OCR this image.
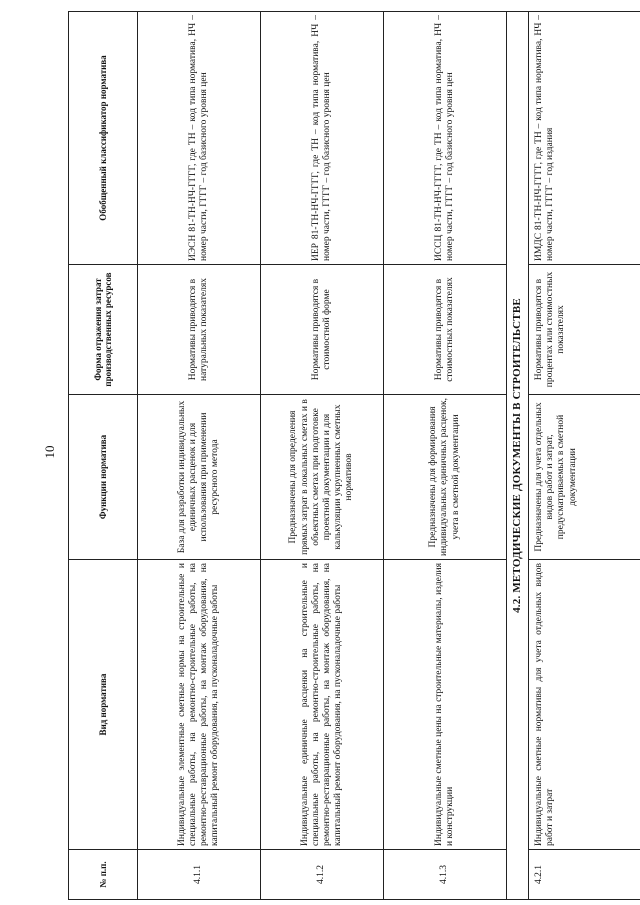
10
№ п.п.	Вид норматива	Функции норматива	Форма отражения затрат производственных ресурсов	Обобщенный классификатор норматива
4.1.1	Индивидуальные элементные сметные нормы на строительные и специальные работы, на ремонтно-строительные работы, на ремонтно-реставрационные работы, на монтаж оборудования, на капитальный ремонт оборудования, на пусконаладочные работы	База для разработки индивидуальных единичных расценок и для использования при применении ресурсного метода	Нормативы приводятся в натуральных показателях	ИЭСН 81-ТН-НЧ-ГГГГ, где ТН – код типа норматива, НЧ – номер части, ГГГГ – год базисного уровня цен
4.1.2	Индивидуальные единичные расценки на строительные и специальные работы, на ремонтно-строительные работы, на ремонтно-реставрационные работы, на монтаж оборудования, на капитальный ремонт оборудования, на пусконаладочные работы	Предназначены для определения прямых затрат в локальных сметах и в объектных сметах при подготовке проектной документации и для калькуляции укрупненных сметных нормативов	Нормативы приводятся в стоимостной форме	ИЕР 81-ТН-НЧ-ГГГГ, где ТН – код типа норматива, НЧ – номер части, ГГГГ – год базисного уровня цен
4.1.3	Индивидуальные сметные цены на строительные материалы, изделия и конструкции	Предназначены для формирования индивидуальных единичных расценок, учета в сметной документации	Нормативы приводятся в стоимостных показателях	ИССЦ 81-ТН-НЧ-ГГГГ, где ТН – код типа норматива, НЧ – номер части, ГГГГ – год базисного уровня цен
4.2. МЕТОДИЧЕСКИЕ ДОКУМЕНТЫ В СТРОИТЕЛЬСТВЕ				
4.2.1	Индивидуальные сметные нормативы для учета отдельных видов работ и затрат	Предназначены для учета отдельных видов работ и затрат, предусматриваемых в сметной документации	Нормативы приводятся в процентах или стоимостных показателях	ИМДС 81-ТН-НЧ-ГГГГ, где ТН – код типа норматива, НЧ – номер части, ГГГГ – год издания
